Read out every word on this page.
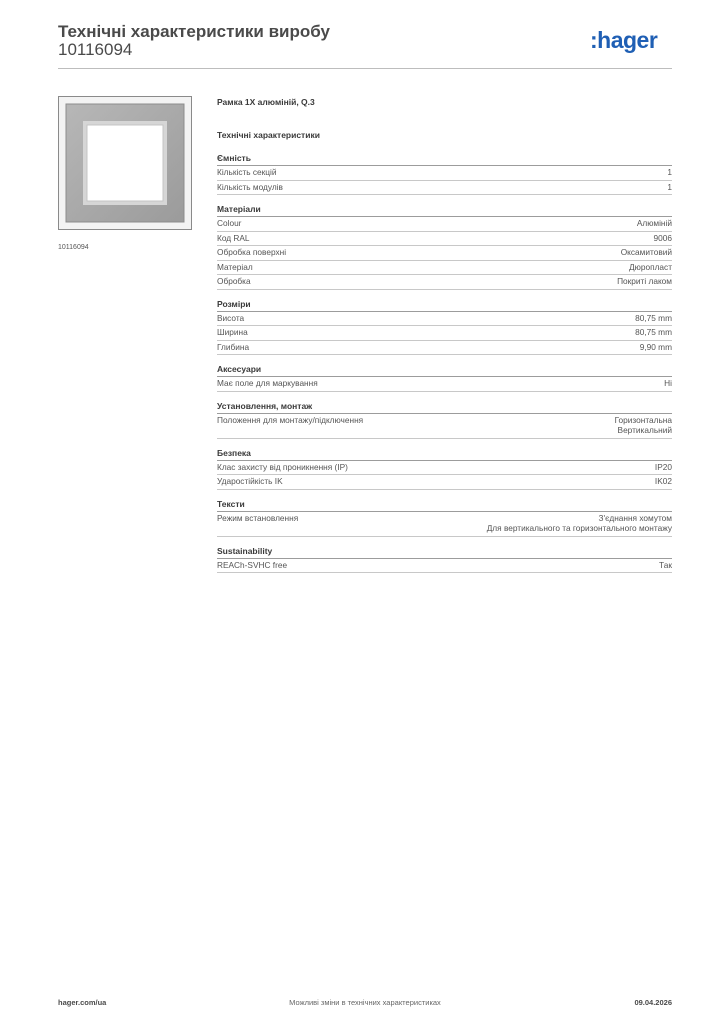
Технічні характеристики виробу
10116094	:hager
10116094
Рамка 1X алюміній, Q.3
Технічні характеристики
Ємність
Кількість секцій	1
Кількість модулів	1
Матеріали
Colour	Алюміній
Код RAL	9006
Обробка поверхні	Оксамитовий
Матеріал	Дюропласт
Обробка	Покриті лаком
Розміри
Висота	80,75 mm
Ширина	80,75 mm
Глибина	9,90 mm
Аксесуари
Має поле для маркування	Ні
Установлення, монтаж
Положення для монтажу/підключення	Горизонтальна
Вертикальний
Безпека
Клас захисту від проникнення (IP)	IP20
Ударостійкість IK	IK02
Тексти
Режим встановлення	З'єднання хомутом
Для вертикального та горизонтального монтажу
Sustainability
REACh-SVHC free	Так
hager.com/ua	Можливі зміни в технічних характеристиках	09.04.2026
